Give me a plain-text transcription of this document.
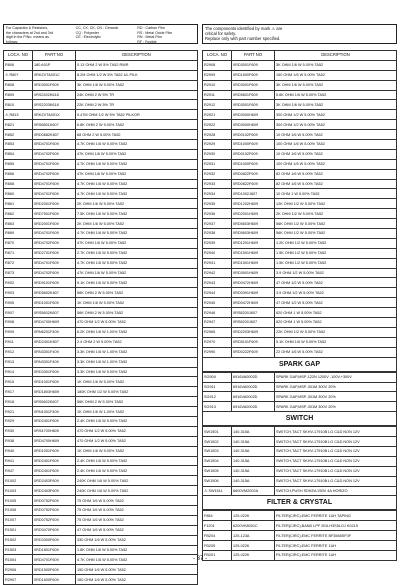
For Capacitor & Resistors,
the characters at 2nd and 3rd
digit in the P/No. means as
follows;
CC, CX, CK, CN : Ceramic
CQ : Polyester
CE : Electrolytic
RD : Carbon Film
RS : Metal Oxide Film
RN : Metal Film
RF : Fusible
The components identified by mark ⚠ are
critical for safety.
Replace only with part number specified.
LOCA. NO	PART NO	DESCRIPTION
R806	180 A01P	0.13 OHM 2 W 5% TA52 RWR
⚠ R807	0RKZVTA001C	8.2M OHM 1/2 W 5% TA52 UL PILK
R808	0RD3001F609	3K OHM 1/6 W 5.00% TA52
R809	0RS2402K618	24K OHM 2 W 5% TR
R810	0RS2203K618	22K OHM 2 W 5% TR
⚠ R813	0RKZVTA001X	0.47M OHM 1/2 W 5% TA52 PILKOR
R821	0RS6801K607	6.8K OHM 2 W 5.00% TA52
R852	0RD0682K607	68 OHM 2 W 5.00% TA52
R853	0RD4701F609	4.7K OHM 1/6 W 5.00% TA52
R854	0RD4702F609	47K OHM 1/6 W 5.00% TA52
R855	0RD4701F609	4.7K OHM 1/6 W 5.00% TA52
R856	0RD4702F609	47K OHM 1/6 W 5.00% TA52
R858	0RD4701F609	4.7K OHM 1/6 W 5.00% TA52
R860	0RD4701F609	4.7K OHM 1/6 W 5.00% TA52
R861	0RD2001F609	2K OHM 1/6 W 5.00% TA52
R862	0RD7501F609	7.5K OHM 1/6 W 5.00% TA52
R863	0RD2001F609	2K OHM 1/6 W 5.00% TA52
R869	0RD4701F609	4.7K OHM 1/6 W 5.00% TA52
R870	0RD4702F609	47K OHM 1/6 W 5.00% TA52
R871	0RD2701F609	2.7K OHM 1/6 W 5.00% TA52
R872	0RD4701F609	4.7K OHM 1/6 W 5.00% TA52
R873	0RD4702F609	47K OHM 1/6 W 5.00% TA52
R902	0RD9101F609	9.1K OHM 1/6 W 5.00% TA52
R903	0RD5602K607	56K OHM 2 W 5.00% TA52
R905	0RD1001F609	1K OHM 1/6 W 5.00% TA52
R907	0RS5602K607	56K OHM 2 W 5.00% TA52
R908	0RD4700H609	470 OHM 1/2 W 5.00% TA52
R909	0RN6201F409	6.2K OHM 1/6 W 1.00% TA52
R911	0RD2401K607	2.4 OHM 2 W 5.00% TA52
R912	0RN3301F409	3.3K OHM 1/6 W 1.00% TA52
R913	0RN3301F409	3.3K OHM 1/6 W 1.00% TA52
R914	0RD3301F609	3.3K OHM 1/6 W 5.00% TA52
R915	0RD1001F609	1K OHM 1/6 W 5.00% TA52
R917	0RD1803H609	180K OHM 1/2 W 5.00% TA52
R918	0RS5602K607	56K OHM 2 W 5.00% TA52
R921	0RN1001F409	1K OHM 1/6 W 1.00% TA52
R929	0RD2401F609	2.4K OHM 1/6 W 5.00% TA52
R930	0RS4700H609	470 OHM 1/2 W 5.00% TA52
R938	0RD4700H609	470 OHM 1/2 W 5.00% TA52
R940	0RD1001F609	1K OHM 1/6 W 5.00% TA52
R941	0RD2401F609	2.4K OHM 1/6 W 5.00% TA52
R947	0RD2401F609	2.4K OHM 1/6 W 5.00% TA52
R1002	0RD2403F609	240K OHM 1/6 W 5.00% TA52
R1003	0RD2403F609	240K OHM 1/6 W 5.00% TA52
R1005	0RD0752F609	75 OHM 1/6 W 5.00% TA52
R1006	0RD0752F609	75 OHM 1/6 W 5.00% TA52
R1007	0RD0752F609	75 OHM 1/6 W 5.00% TA52
R1501	0RD0470F609	47 OHM 1/6 W 5.00% TA52
R1502	0RD3300F609	330 OHM 1/6 W 5.00% TA52
R1503	0RD1801F609	1.8K OHM 1/6 W 5.00% TA52
R1504	0RD4701F609	4.7K OHM 1/6 W 5.00% TA52
R2906	0RD1500F609	150 OHM 1/6 W 5.00% TA52
R2907	0RD1600F609	160 OHM 1/6 W 5.00% TA52
LOCA. NO	PART NO	DESCRIPTION
R2908	0RD3001F609	3K OHM 1/6 W 5.00% TA52
R2909	0RD1500F609	150 OHM 1/6 W 5.00% TA52
R2910	0RD3001F609	3K OHM 1/6 W 5.00% TA52
R2911	0RD5601F609	5.6K OHM 1/6 W 5.00% TA52
R2912	0RD3001F609	3K OHM 1/6 W 5.00% TA52
R2921	0RD3000H609	300 OHM 1/2 W 5.00% TA52
R2922	0RD3000H609	300 OHM 1/2 W 5.00% TA52
R2928	0RD0102F609	10 OHM 1/6 W 5.00% TA52
R2929	0RD1000F609	100 OHM 1/6 W 5.00% TA52
R2930	0RD0102F609	10 OHM 1/6 W 5.00% TA52
R2931	0RD1000F609	100 OHM 1/6 W 5.00% TA52
R2932	0RD0822F609	82 OHM 1/6 W 5.00% TA52
R2933	0RD0822F609	82 OHM 1/6 W 5.00% TA52
R2934	0RD1002J607	10 OHM 1 W 5.00% TA52
R2935	0RD1202H609	12K OHM 1/2 W 5.00% TA52
R2936	0RD2001H609	2K OHM 1/2 W 5.00% TA52
R2937	0RD5603H609	56K OHM 1/2 W 5.00% TA52
R2938	0RD5603H609	56K OHM 1/2 W 5.00% TA52
R2939	0RD1201H609	1.2K OHM 1/2 W 5.00% TA52
R2940	0RD1501H609	1.5K OHM 1/2 W 5.00% TA52
R2941	0RD1501H609	1.5K OHM 1/2 W 5.00% TA52
R2942	0RD3901H609	3.9 OHM 1/2 W 5.00% TA52
R2943	0RD0472H609	47 OHM 1/2 W 5.00% TA52
R2944	0RD0391H609	3.9 OHM 1/2 W 5.00% TA52
R2945	0RD0472H609	47 OHM 1/2 W 5.00% TA52
R2946	0RS8200J607	820 OHM 1 W 5.00% TA52
R2947	0RS8200J607	820 OHM 1 W 5.00% TA52
R2965	0RD2203H609	22K OHM 1/2 W 5.00% TA52
R2970	0RD5101F609	5.1K OHM 1/6 W 5.00% TA52
R2990	0RD0222F609	22 OHM 1/6 W 5.00% TA52
SPARK GAP
SG904	6916VA0002D	SPARK GAP,MSP-122N 1200V -100V,+300V
SG911	6916VA0002D	SPARK GAP,MSP-301M 300V 20%
SG912	6916VA0002D	SPARK GAP,MSP-301M 300V 20%
SG913	6916VA0002D	SPARK GAP,MSP-301M 300V 20%
SWITCH
SW1501	140-315A	SWITCH,TACT SKHV-17910B LG C&D NON 12V
SW1502	140-315A	SWITCH,TACT SKHV-17910B LG C&D NON 12V
SW1503	140-315A	SWITCH,TACT SKHV-17910B LG C&D NON 12V
SW1504	140-315A	SWITCH,TACT SKHV-17910B LG C&D NON 12V
SW1505	140-315A	SWITCH,TACT SKHV-17910B LG C&D NON 12V
SW1506	140-315A	SWITCH,TACT SKHV-17910B LG C&D NON 12V
⚠ SW1511	6600VM2002A	SWITCH,PUSH SDKEA 250V 4A HORIZO
FILTER & CRYSTAL
F854	125-022K	FILTER(CIRC),EMC FERRITE 1UH TAPING
F1201	6200VK8001C	FILTER(CIRC),BAND LPF 2EA H3S5LOJ K0215
FB204	125-123A	FILTER(CIRC),EMC FERRITE BF3566SF0F
FB205	125-022K	FILTER(CIRC),EMC FERRITE 1UH
FB201	125-022K	FILTER(CIRC),EMC FERRITE 1UH
- 37 -
